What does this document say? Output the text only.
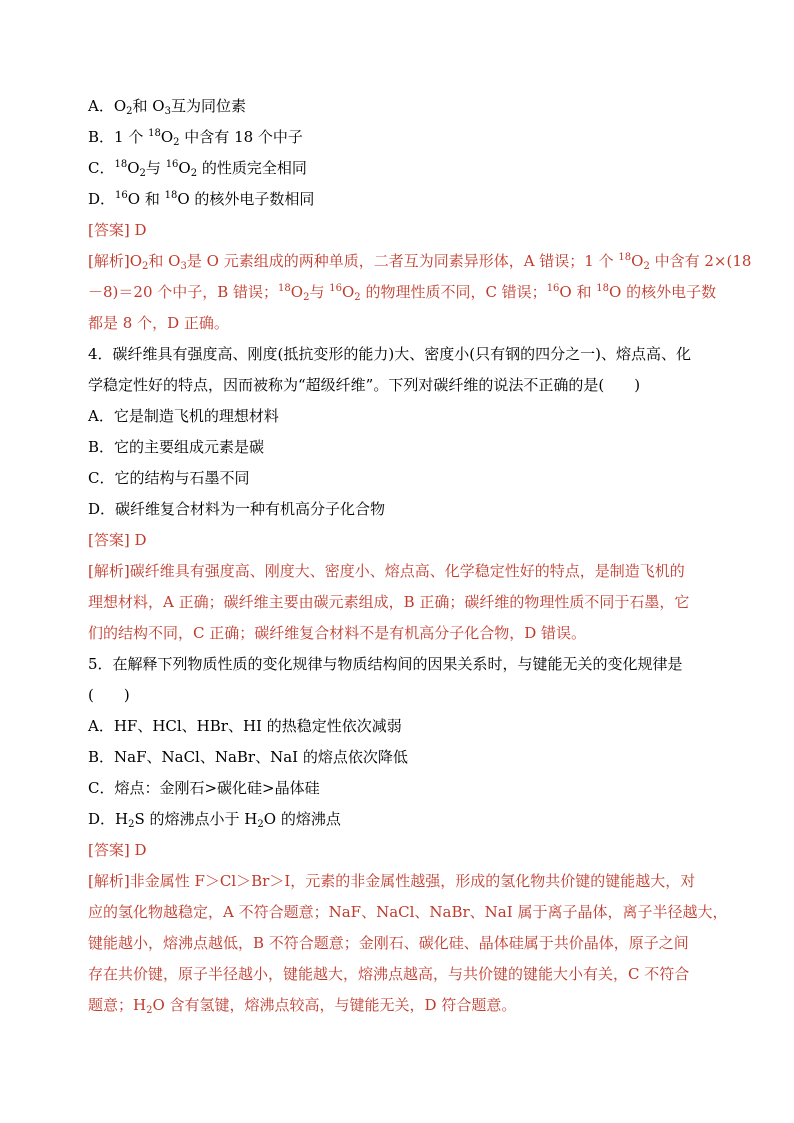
A．$O_2$和 $O_3$互为同位素
B．1 个 $^{18}O_2$ 中含有 18 个中子
C．$^{18}O_2$与 $^{16}O_2$ 的性质完全相同
D．$^{16}$O 和 $^{18}$O 的核外电子数相同
[答案] D
[解析]$O_2$和 $O_3$是 O 元素组成的两种单质，二者互为同素异形体，A 错误；1 个 $^{18}O_2$ 中含有 2×(18
－8)＝20 个中子，B 错误；$^{18}O_2$与 $^{16}O_2$ 的物理性质不同，C 错误；$^{16}$O 和 $^{18}$O 的核外电子数
都是 8 个，D 正确。
4．碳纤维具有强度高、刚度(抵抗变形的能力)大、密度小(只有钢的四分之一)、熔点高、化
学稳定性好的特点，因而被称为“超级纤维”。下列对碳纤维的说法不正确的是(　　)
A．它是制造飞机的理想材料
B．它的主要组成元素是碳
C．它的结构与石墨不同
D．碳纤维复合材料为一种有机高分子化合物
[答案] D
[解析]碳纤维具有强度高、刚度大、密度小、熔点高、化学稳定性好的特点，是制造飞机的
理想材料，A 正确；碳纤维主要由碳元素组成，B 正确；碳纤维的物理性质不同于石墨，它
们的结构不同，C 正确；碳纤维复合材料不是有机高分子化合物，D 错误。
5．在解释下列物质性质的变化规律与物质结构间的因果关系时，与键能无关的变化规律是
(　　)
A．HF、HCl、HBr、HI 的热稳定性依次减弱
B．NaF、NaCl、NaBr、NaI 的熔点依次降低
C．熔点：金刚石>碳化硅>晶体硅
D．$H_2S$ 的熔沸点小于 $H_2O$ 的熔沸点
[答案] D
[解析]非金属性 F＞Cl＞Br＞I，元素的非金属性越强，形成的氢化物共价键的键能越大，对
应的氢化物越稳定，A 不符合题意；NaF、NaCl、NaBr、NaI 属于离子晶体，离子半径越大，
键能越小，熔沸点越低，B 不符合题意；金刚石、碳化硅、晶体硅属于共价晶体，原子之间
存在共价键，原子半径越小，键能越大，熔沸点越高，与共价键的键能大小有关，C 不符合
题意；$H_2O$ 含有氢键，熔沸点较高，与键能无关，D 符合题意。
